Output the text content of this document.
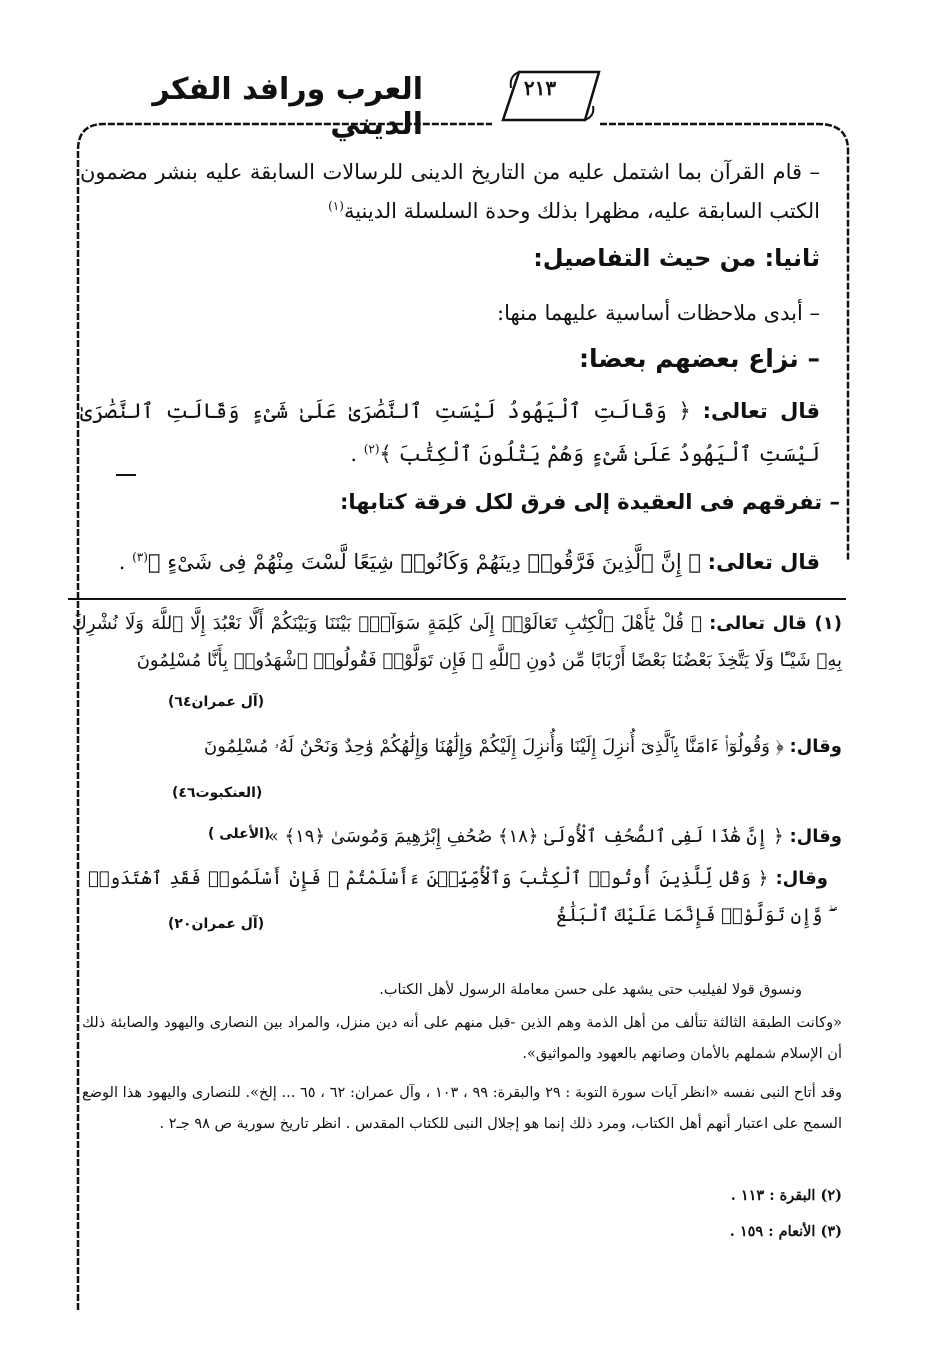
العرب ورافد الفكر الديني
٢١٣
– قام القرآن بما اشتمل عليه من التاريخ الدينى للرسالات السابقة عليه بنشر مضمون الكتب السابقة عليه، مظهرا بذلك وحدة السلسلة الدينية$^{(١)}$
ثانيا: من حيث التفاصيل:
– أبدى ملاحظات أساسية عليهما منها:
– نزاع بعضهم بعضا:
قال تعالى: ﴿ وَقَالَتِ ٱلْيَهُودُ لَيْسَتِ ٱلنَّصَٰرَىٰ عَلَىٰ شَىْءٍ وَقَالَتِ ٱلنَّصَٰرَىٰ لَيْسَتِ ٱلْيَهُودُ عَلَىٰ شَىْءٍ وَهُمْ يَتْلُونَ ٱلْكِتَٰبَ ﴾$^{(٢)}$ .
– تفرقهم فى العقيدة إلى فرق لكل فرقة كتابها:
قال تعالى: ﴿ إِنَّ ٱلَّذِينَ فَرَّقُوا۟ دِينَهُمْ وَكَانُوا۟ شِيَعًا لَّسْتَ مِنْهُمْ فِى شَىْءٍ ﴾$^{(٣)}$ .
(١) قال تعالى: ﴿ قُلْ يَٰٓأَهْلَ ٱلْكِتَٰبِ تَعَالَوْا۟ إِلَىٰ كَلِمَةٍ سَوَآءٍۭ بَيْنَنَا وَبَيْنَكُمْ أَلَّا نَعْبُدَ إِلَّا ٱللَّهَ وَلَا نُشْرِكَ بِهِۦ شَيْـًٔا وَلَا يَتَّخِذَ بَعْضُنَا بَعْضًا أَرْبَابًا مِّن دُونِ ٱللَّهِ ۚ فَإِن تَوَلَّوْا۟ فَقُولُوا۟ ٱشْهَدُوا۟ بِأَنَّا مُسْلِمُونَ
(آل عمران٦٤)
وقال: ﴿ وَقُولُوٓا۟ ءَامَنَّا بِٱلَّذِىٓ أُنزِلَ إِلَيْنَا وَأُنزِلَ إِلَيْكُمْ وَإِلَٰهُنَا وَإِلَٰهُكُمْ وَٰحِدٌ وَنَحْنُ لَهُۥ مُسْلِمُونَ
(العنكبوت٤٦)
وقال: ﴿ إِنَّ هَٰذَا لَفِى ٱلصُّحُفِ ٱلْأُولَىٰ ﴿١٨﴾ صُحُفِ إِبْرَٰهِيمَ وَمُوسَىٰ ﴿١٩﴾ »
(الأعلى )
وقال: ﴿ وَقُل لِّلَّذِينَ أُوتُوا۟ ٱلْكِتَٰبَ وَٱلْأُمِّيِّـۧنَ ءَأَسْلَمْتُمْ ۚ فَإِنْ أَسْلَمُوا۟ فَقَدِ ٱهْتَدَوا۟ ۖ وَّإِن تَوَلَّوْا۟ فَإِنَّمَا عَلَيْكَ ٱلْبَلَٰغُ
(آل عمران٢٠)
ونسوق قولا لفيليب حتى يشهد على حسن معاملة الرسول لأهل الكتاب.
«وكانت الطبقة الثالثة تتألف من أهل الذمة وهم الذين -قبل منهم على أنه دين منزل، والمراد بين النصارى واليهود والصابئة ذلك أن الإسلام شملهم بالأمان وصانهم بالعهود والمواثيق».
وقد أتاح النبى نفسه «انظر آيات سورة التوبة : ٢٩ والبقرة: ٩٩ ، ١٠٣ ، وآل عمران: ٦٢ ، ٦٥ ... إلخ». للنصارى واليهود هذا الوضع السمح على اعتبار أنهم أهل الكتاب، ومرد ذلك إنما هو إجلال النبى للكتاب المقدس . انظر تاريخ سورية ص ٩٨ جـ٢ .
(٢) البقرة : ١١٣ .
(٣) الأنعام : ١٥٩ .
